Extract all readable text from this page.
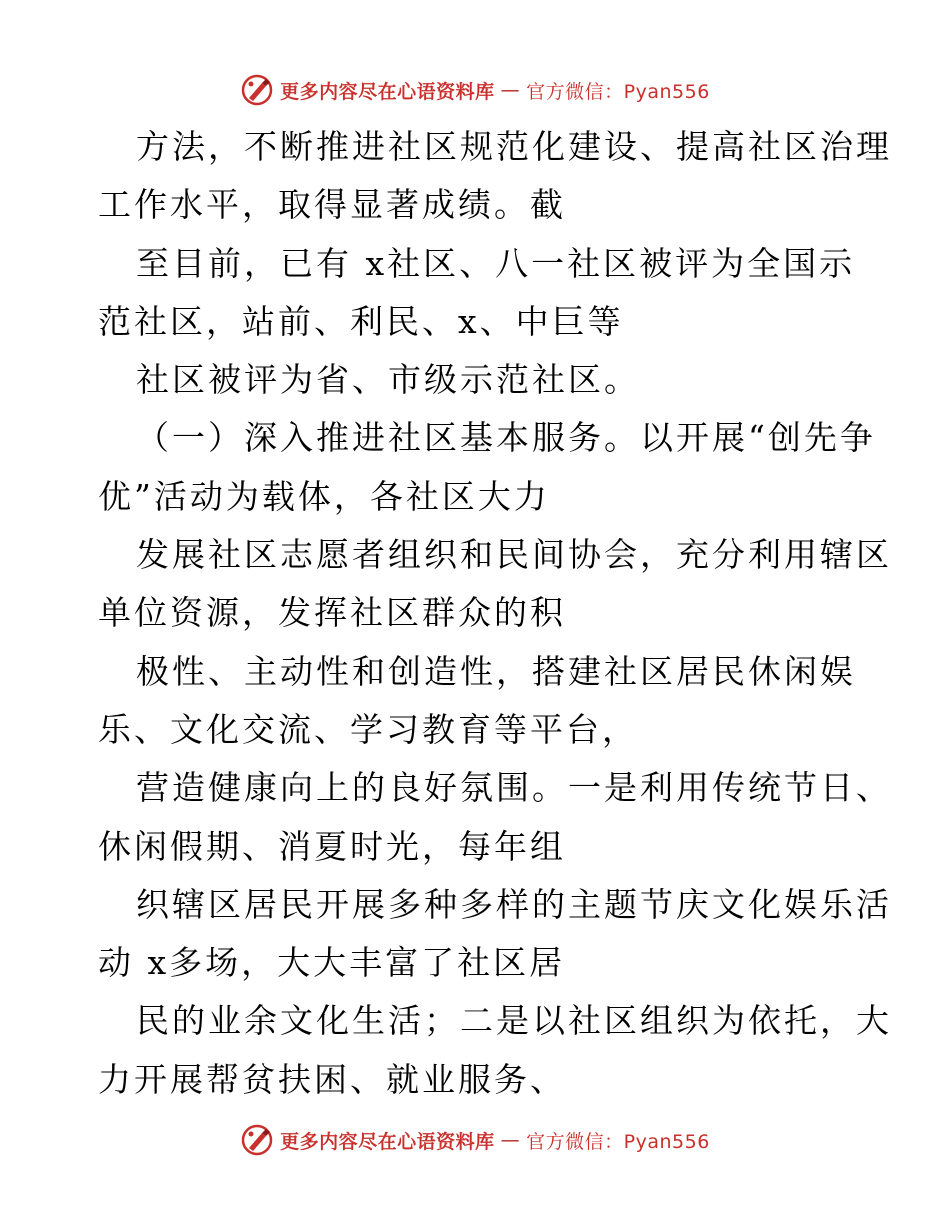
更多内容尽在心语资料库 — 官方微信：Pyan556
方法，不断推进社区规范化建设、提高社区治理
工作水平，取得显著成绩。截
至目前，已有 x社区、八一社区被评为全国示
范社区，站前、利民、x、中巨等
社区被评为省、市级示范社区。
（一）深入推进社区基本服务。以开展“创先争
优”活动为载体，各社区大力
发展社区志愿者组织和民间协会，充分利用辖区
单位资源，发挥社区群众的积
极性、主动性和创造性，搭建社区居民休闲娱
乐、文化交流、学习教育等平台，
营造健康向上的良好氛围。一是利用传统节日、
休闲假期、消夏时光，每年组
织辖区居民开展多种多样的主题节庆文化娱乐活
动 x多场，大大丰富了社区居
民的业余文化生活；二是以社区组织为依托，大
力开展帮贫扶困、就业服务、
更多内容尽在心语资料库 — 官方微信：Pyan556
